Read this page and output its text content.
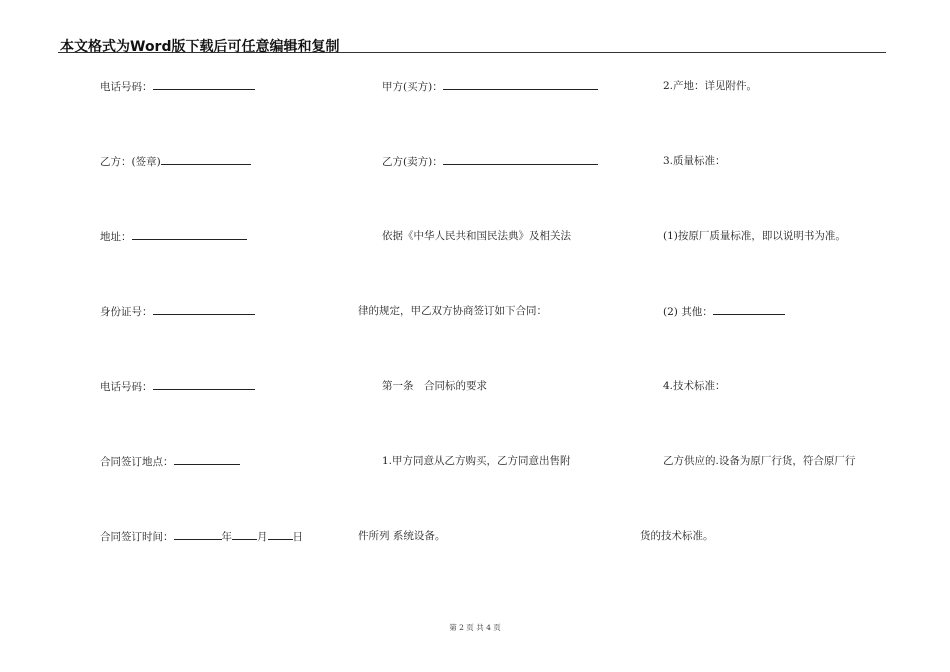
本文格式为Word版下载后可任意编辑和复制
电话号码：
乙方：(签章)
地址：
身份证号：
电话号码：
合同签订地点：
合同签订时间：	年 月 日
甲方(买方)：
乙方(卖方)：
依据《中华人民共和国民法典》及相关法
律的规定，甲乙双方协商签订如下合同：
第一条　合同标的要求
1.甲方同意从乙方购买，乙方同意出售附
件所列 系统设备。
2.产地：详见附件。
3.质量标准：
(1)按原厂质量标准，即以说明书为准。
(2) 其他：
4.技术标准：
乙方供应的.设备为原厂行货，符合原厂行
货的技术标准。
第 2 页 共 4 页
